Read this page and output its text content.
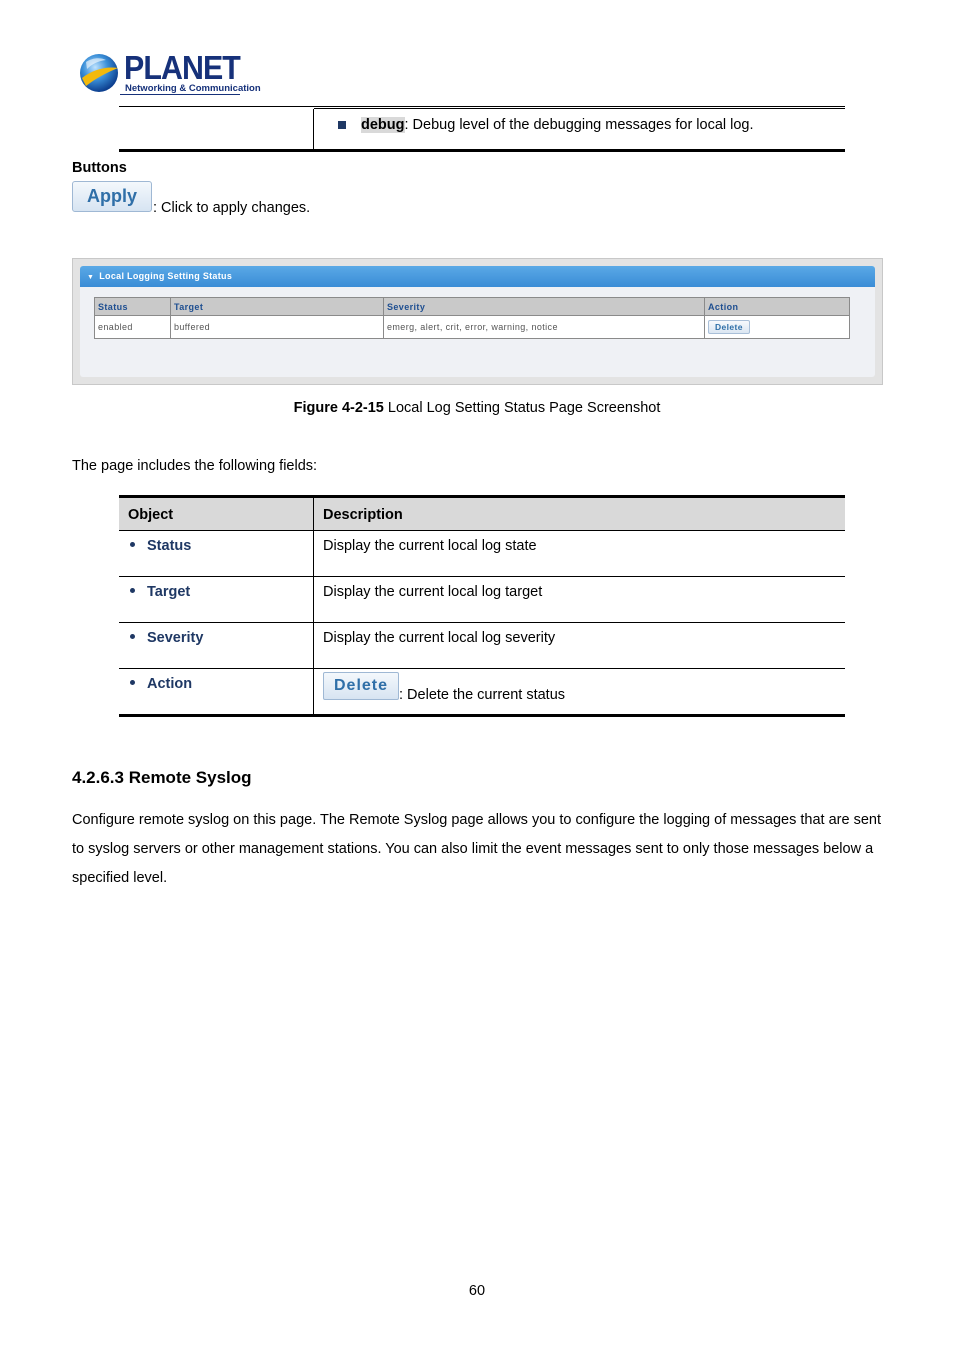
PLANET
Networking & Communication
debug: Debug level of the debugging messages for local log.
Buttons
Apply
: Click to apply changes.
▼ Local Logging Setting Status
Status	Target	Severity	Action
enabled	buffered	emerg, alert, crit, error, warning, notice	Delete
Figure 4-2-15 Local Log Setting Status Page Screenshot
The page includes the following fields:
Object	Description
Status	Display the current local log state
Target	Display the current local log target
Severity	Display the current local log severity
Action	Delete: Delete the current status
4.2.6.3 Remote Syslog
Configure remote syslog on this page. The Remote Syslog page allows you to configure the logging of messages that are sent to syslog servers or other management stations. You can also limit the event messages sent to only those messages below a specified level.
60
